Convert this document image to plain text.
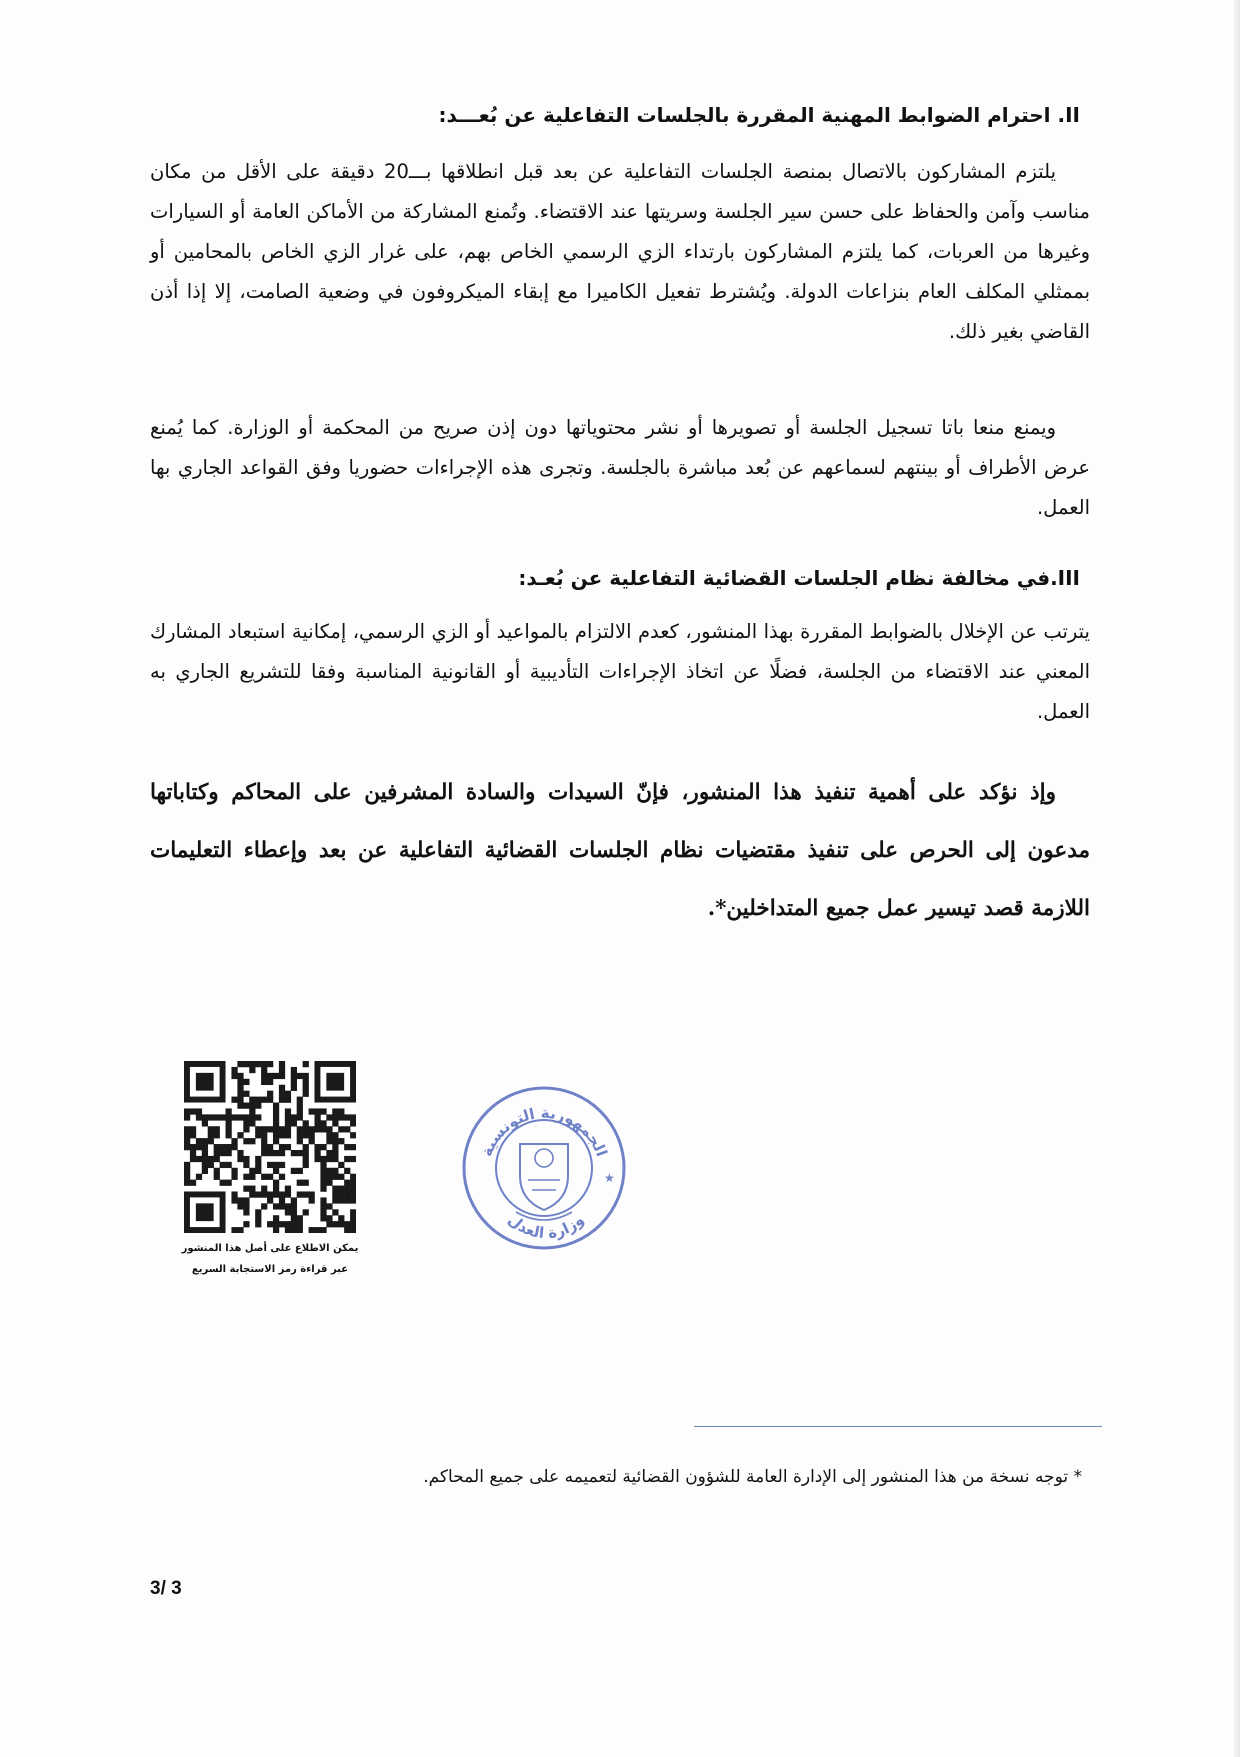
II. احترام الضوابط المهنية المقررة بالجلسات التفاعلية عن بُعـــد:
يلتزم المشاركون بالاتصال بمنصة الجلسات التفاعلية عن بعد قبل انطلاقها بـــ20 دقيقة على الأقل من مكان مناسب وآمن والحفاظ على حسن سير الجلسة وسريتها عند الاقتضاء. وتُمنع المشاركة من الأماكن العامة أو السيارات وغيرها من العربات، كما يلتزم المشاركون بارتداء الزي الرسمي الخاص بهم، على غرار الزي الخاص بالمحامين أو بممثلي المكلف العام بنزاعات الدولة. ويُشترط تفعيل الكاميرا مع إبقاء الميكروفون في وضعية الصامت، إلا إذا أذن القاضي بغير ذلك.
ويمنع منعا باتا تسجيل الجلسة أو تصويرها أو نشر محتوياتها دون إذن صريح من المحكمة أو الوزارة. كما يُمنع عرض الأطراف أو بينتهم لسماعهم عن بُعد مباشرة بالجلسة. وتجرى هذه الإجراءات حضوريا وفق القواعد الجاري بها العمل.
III.في مخالفة نظام الجلسات القضائية التفاعلية عن بُعـد:
يترتب عن الإخلال بالضوابط المقررة بهذا المنشور، كعدم الالتزام بالمواعيد أو الزي الرسمي، إمكانية استبعاد المشارك المعني عند الاقتضاء من الجلسة، فضلًا عن اتخاذ الإجراءات التأديبية أو القانونية المناسبة وفقا للتشريع الجاري به العمل.
وإذ نؤكد على أهمية تنفيذ هذا المنشور، فإنّ السيدات والسادة المشرفين على المحاكم وكتاباتها مدعون إلى الحرص على تنفيذ مقتضيات نظام الجلسات القضائية التفاعلية عن بعد وإعطاء التعليمات اللازمة قصد تيسير عمل جميع المتداخلين*.
يمكن الاطلاع على أصل هذا المنشور
عبر قراءة رمز الاستجابة السريع
الجمهورية التونسية
وزارة العدل
★
* توجه نسخة من هذا المنشور إلى الإدارة العامة للشؤون القضائية لتعميمه على جميع المحاكم.
3/ 3
